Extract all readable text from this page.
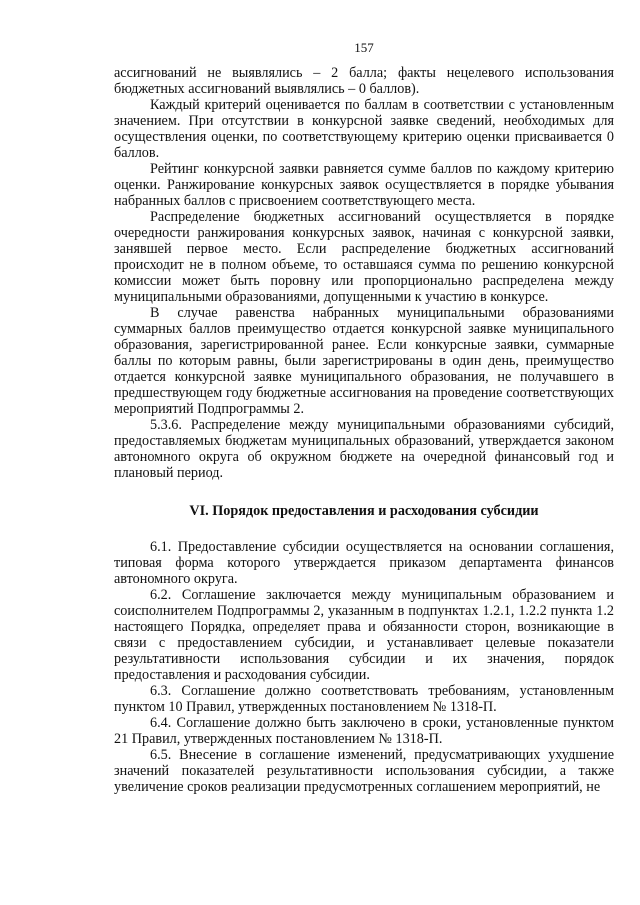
157

ассигнований не выявлялись – 2 балла; факты нецелевого использования бюджетных ассигнований выявлялись – 0 баллов).

Каждый критерий оценивается по баллам в соответствии с установленным значением. При отсутствии в конкурсной заявке сведений, необходимых для осуществления оценки, по соответствующему критерию оценки присваивается 0 баллов.

Рейтинг конкурсной заявки равняется сумме баллов по каждому критерию оценки. Ранжирование конкурсных заявок осуществляется в порядке убывания набранных баллов с присвоением соответствующего места.

Распределение бюджетных ассигнований осуществляется в порядке очередности ранжирования конкурсных заявок, начиная с конкурсной заявки, занявшей первое место. Если распределение бюджетных ассигнований происходит не в полном объеме, то оставшаяся сумма по решению конкурсной комиссии может быть поровну или пропорционально распределена между муниципальными образованиями, допущенными к участию в конкурсе.

В случае равенства набранных муниципальными образованиями суммарных баллов преимущество отдается конкурсной заявке муниципального образования, зарегистрированной ранее. Если конкурсные заявки, суммарные баллы по которым равны, были зарегистрированы в один день, преимущество отдается конкурсной заявке муниципального образования, не получавшего в предшествующем году бюджетные ассигнования на проведение соответствующих мероприятий Подпрограммы 2.

5.3.6. Распределение между муниципальными образованиями субсидий, предоставляемых бюджетам муниципальных образований, утверждается законом автономного округа об окружном бюджете на очередной финансовый год и плановый период.

VI. Порядок предоставления и расходования субсидии

6.1. Предоставление субсидии осуществляется на основании соглашения, типовая форма которого утверждается приказом департамента финансов автономного округа.

6.2. Соглашение заключается между муниципальным образованием и соисполнителем Подпрограммы 2, указанным в подпунктах 1.2.1, 1.2.2 пункта 1.2 настоящего Порядка, определяет права и обязанности сторон, возникающие в связи с предоставлением субсидии, и устанавливает целевые показатели результативности использования субсидии и их значения, порядок предоставления и расходования субсидии.

6.3. Соглашение должно соответствовать требованиям, установленным пунктом 10 Правил, утвержденных постановлением № 1318-П.

6.4. Соглашение должно быть заключено в сроки, установленные пунктом 21 Правил, утвержденных постановлением № 1318-П.

6.5. Внесение в соглашение изменений, предусматривающих ухудшение значений показателей результативности использования субсидии, а также увеличение сроков реализации предусмотренных соглашением мероприятий, не
